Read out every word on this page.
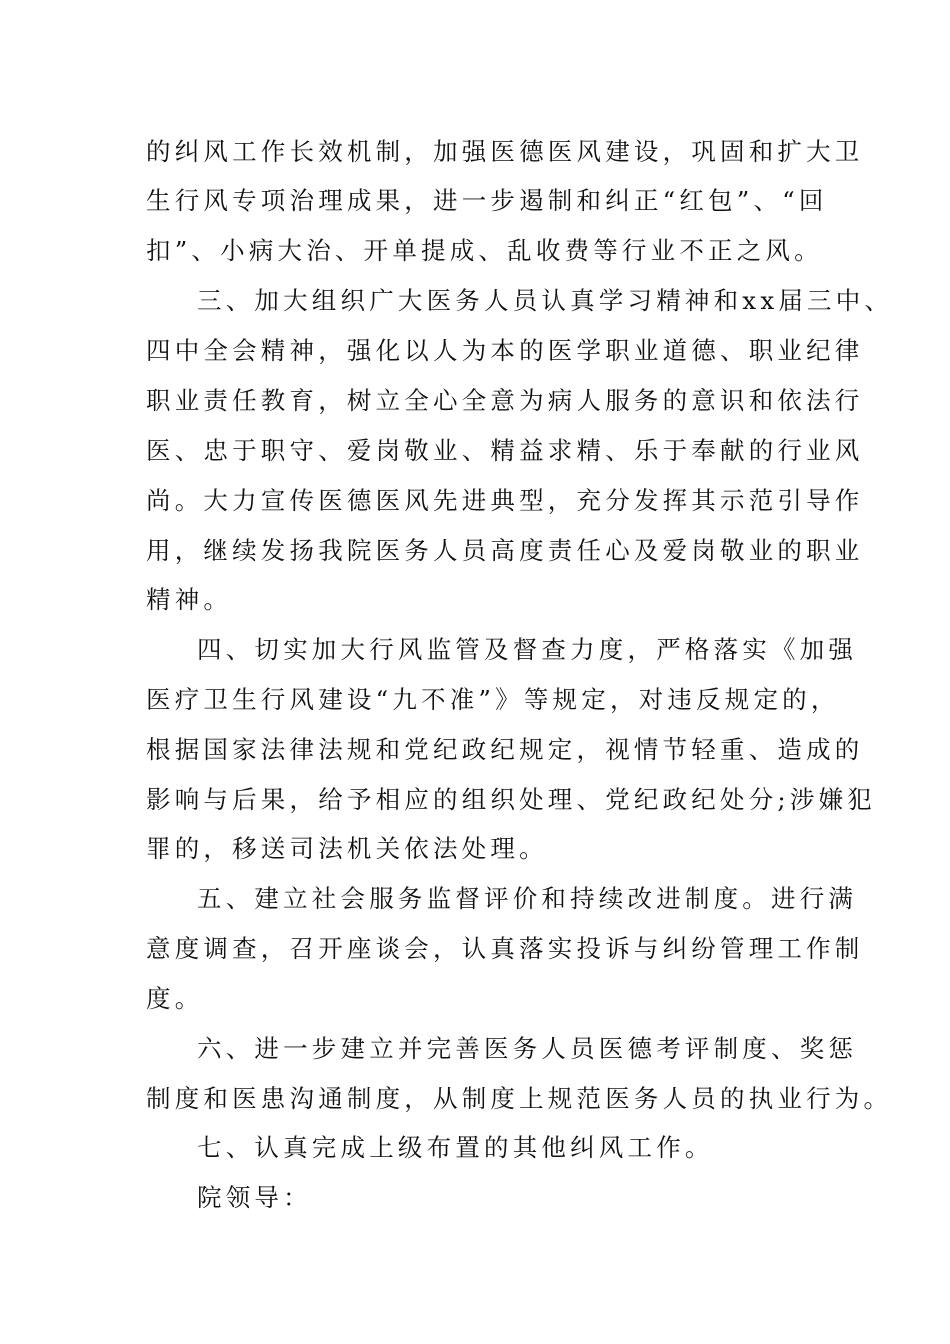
的纠风工作长效机制，加强医德医风建设，巩固和扩大卫
生行风专项治理成果，进一步遏制和纠正“红包”、“回
扣”、小病大治、开单提成、乱收费等行业不正之风。
三、加大组织广大医务人员认真学习精神和xx届三中、
四中全会精神，强化以人为本的医学职业道德、职业纪律
职业责任教育，树立全心全意为病人服务的意识和依法行
医、忠于职守、爱岗敬业、精益求精、乐于奉献的行业风
尚。大力宣传医德医风先进典型，充分发挥其示范引导作
用，继续发扬我院医务人员高度责任心及爱岗敬业的职业
精神。
四、切实加大行风监管及督查力度，严格落实《加强
医疗卫生行风建设“九不准”》等规定，对违反规定的，
根据国家法律法规和党纪政纪规定，视情节轻重、造成的
影响与后果，给予相应的组织处理、党纪政纪处分;涉嫌犯
罪的，移送司法机关依法处理。
五、建立社会服务监督评价和持续改进制度。进行满
意度调查，召开座谈会，认真落实投诉与纠纷管理工作制
度。
六、进一步建立并完善医务人员医德考评制度、奖惩
制度和医患沟通制度，从制度上规范医务人员的执业行为。
七、认真完成上级布置的其他纠风工作。
院领导：
